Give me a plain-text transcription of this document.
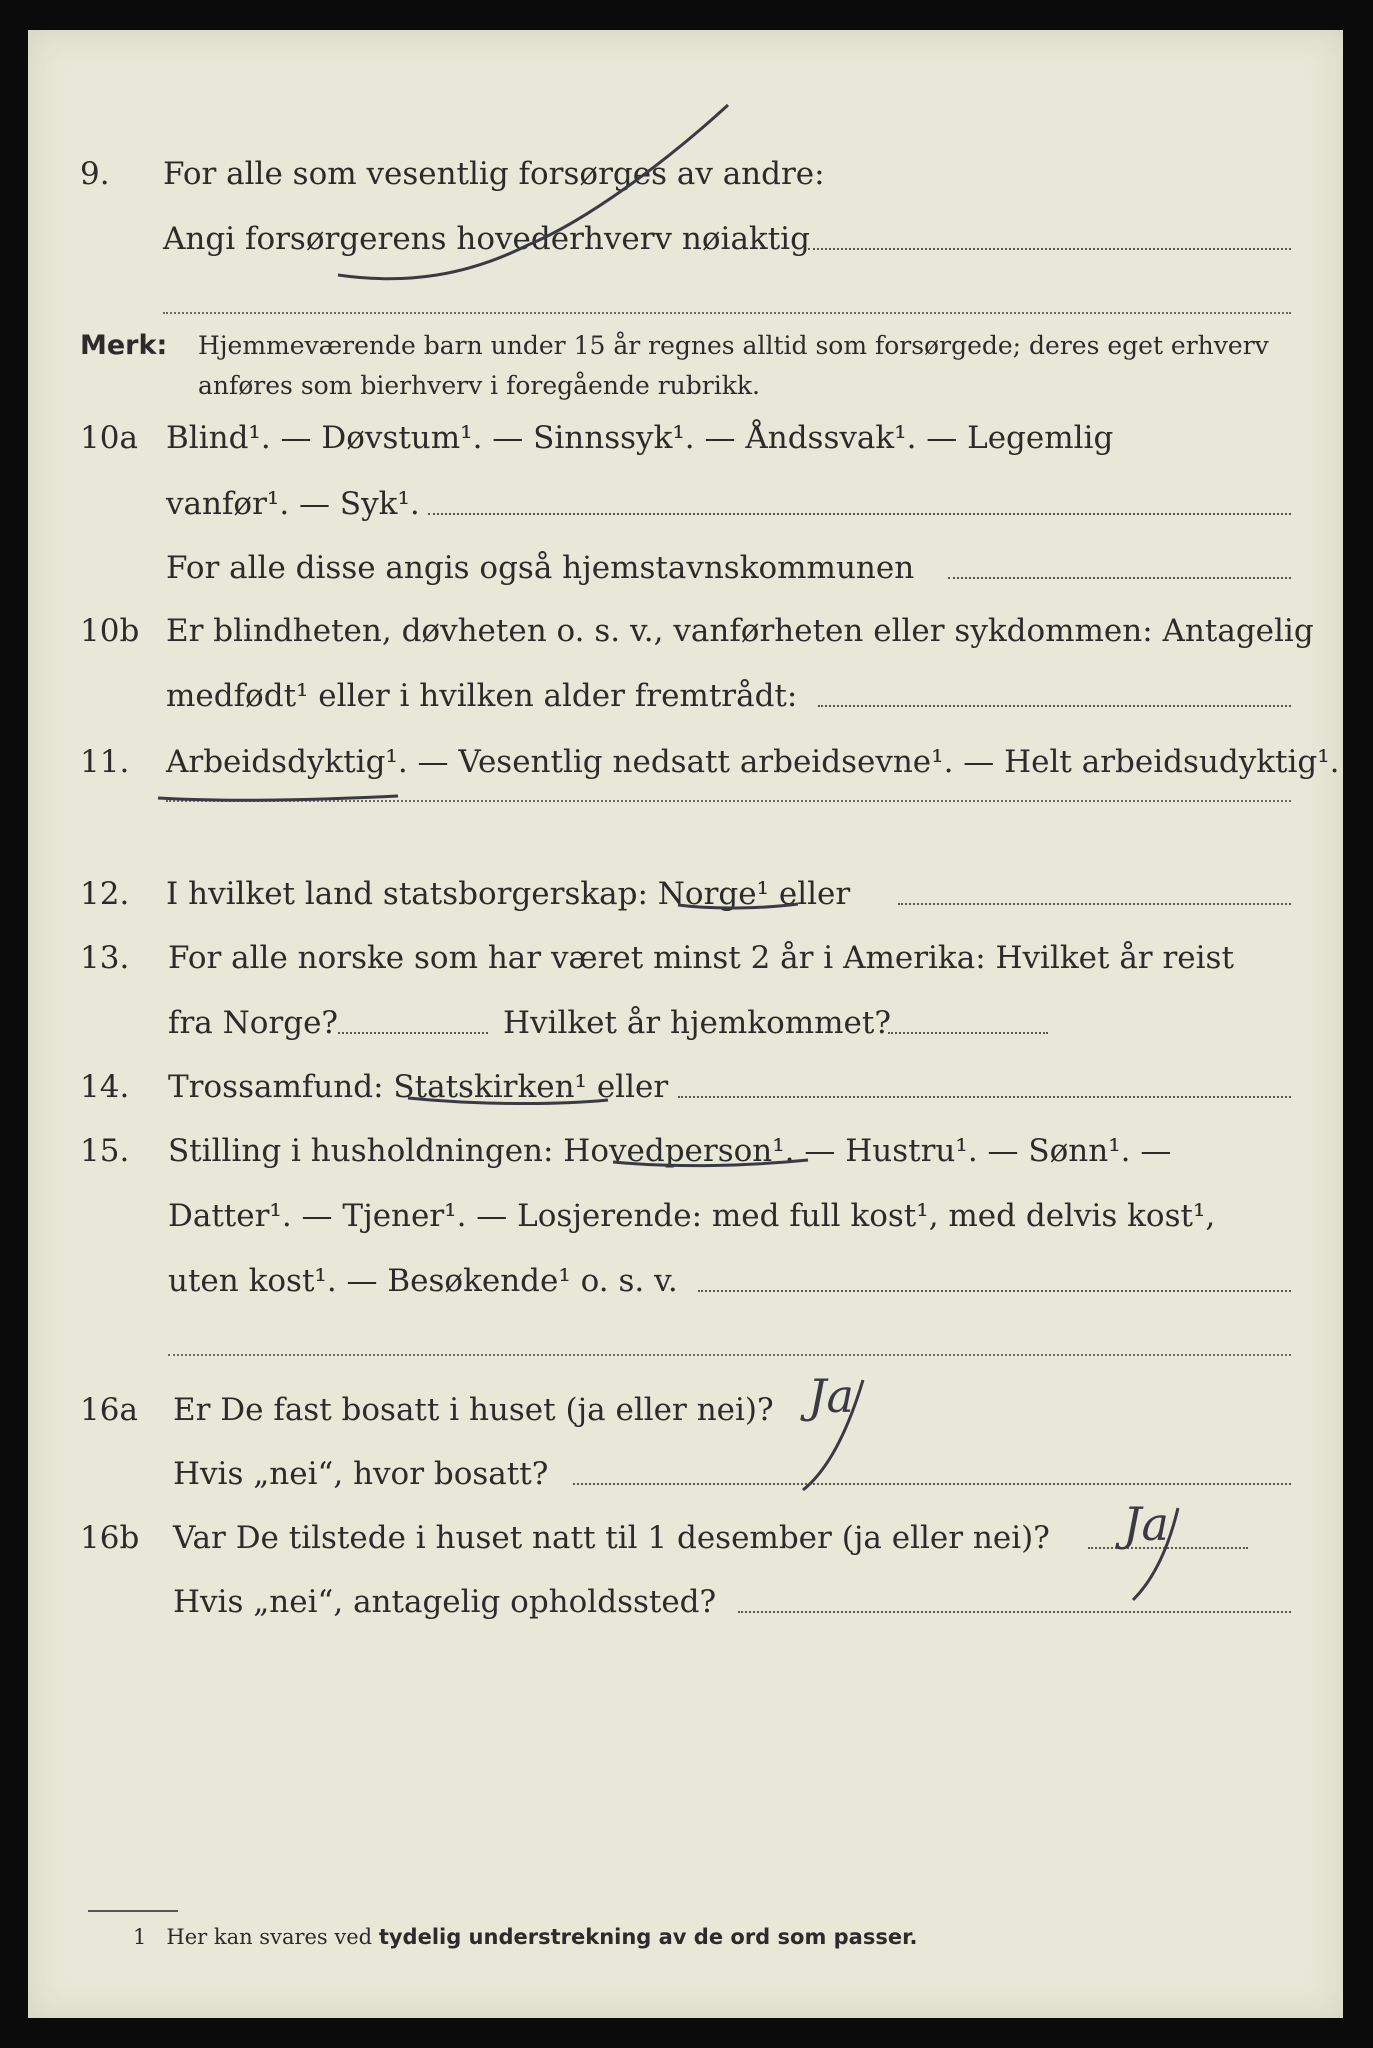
9. For alle som vesentlig forsørges av andre:
Angi forsørgerens hovederhverv nøiaktig
Merk: Hjemmeværende barn under 15 år regnes alltid som forsørgede; deres eget erhverv
anføres som bierhverv i foregående rubrikk.
10a Blind¹. — Døvstum¹. — Sinnssyk¹. — Åndssvak¹. — Legemlig
vanfør¹. — Syk¹.
For alle disse angis også hjemstavnskommunen
10b Er blindheten, døvheten o. s. v., vanførheten eller sykdommen: Antagelig
medfødt¹ eller i hvilken alder fremtrådt:
11. Arbeidsdyktig¹. — Vesentlig nedsatt arbeidsevne¹. — Helt arbeidsudyktig¹.
12. I hvilket land statsborgerskap: Norge¹ eller
13. For alle norske som har været minst 2 år i Amerika: Hvilket år reist
fra Norge?	Hvilket år hjemkommet?
14. Trossamfund: Statskirken¹ eller
15. Stilling i husholdningen: Hovedperson¹. — Hustru¹. — Sønn¹. —
Datter¹. — Tjener¹. — Losjerende: med full kost¹, med delvis kost¹,
uten kost¹. — Besøkende¹ o. s. v.
16a Er De fast bosatt i huset (ja eller nei)?
Hvis „nei“, hvor bosatt?
16b Var De tilstede i huset natt til 1 desember (ja eller nei)?
Hvis „nei“, antagelig opholdssted?
1 Her kan svares ved tydelig understrekning av de ord som passer.
Ja
Ja
